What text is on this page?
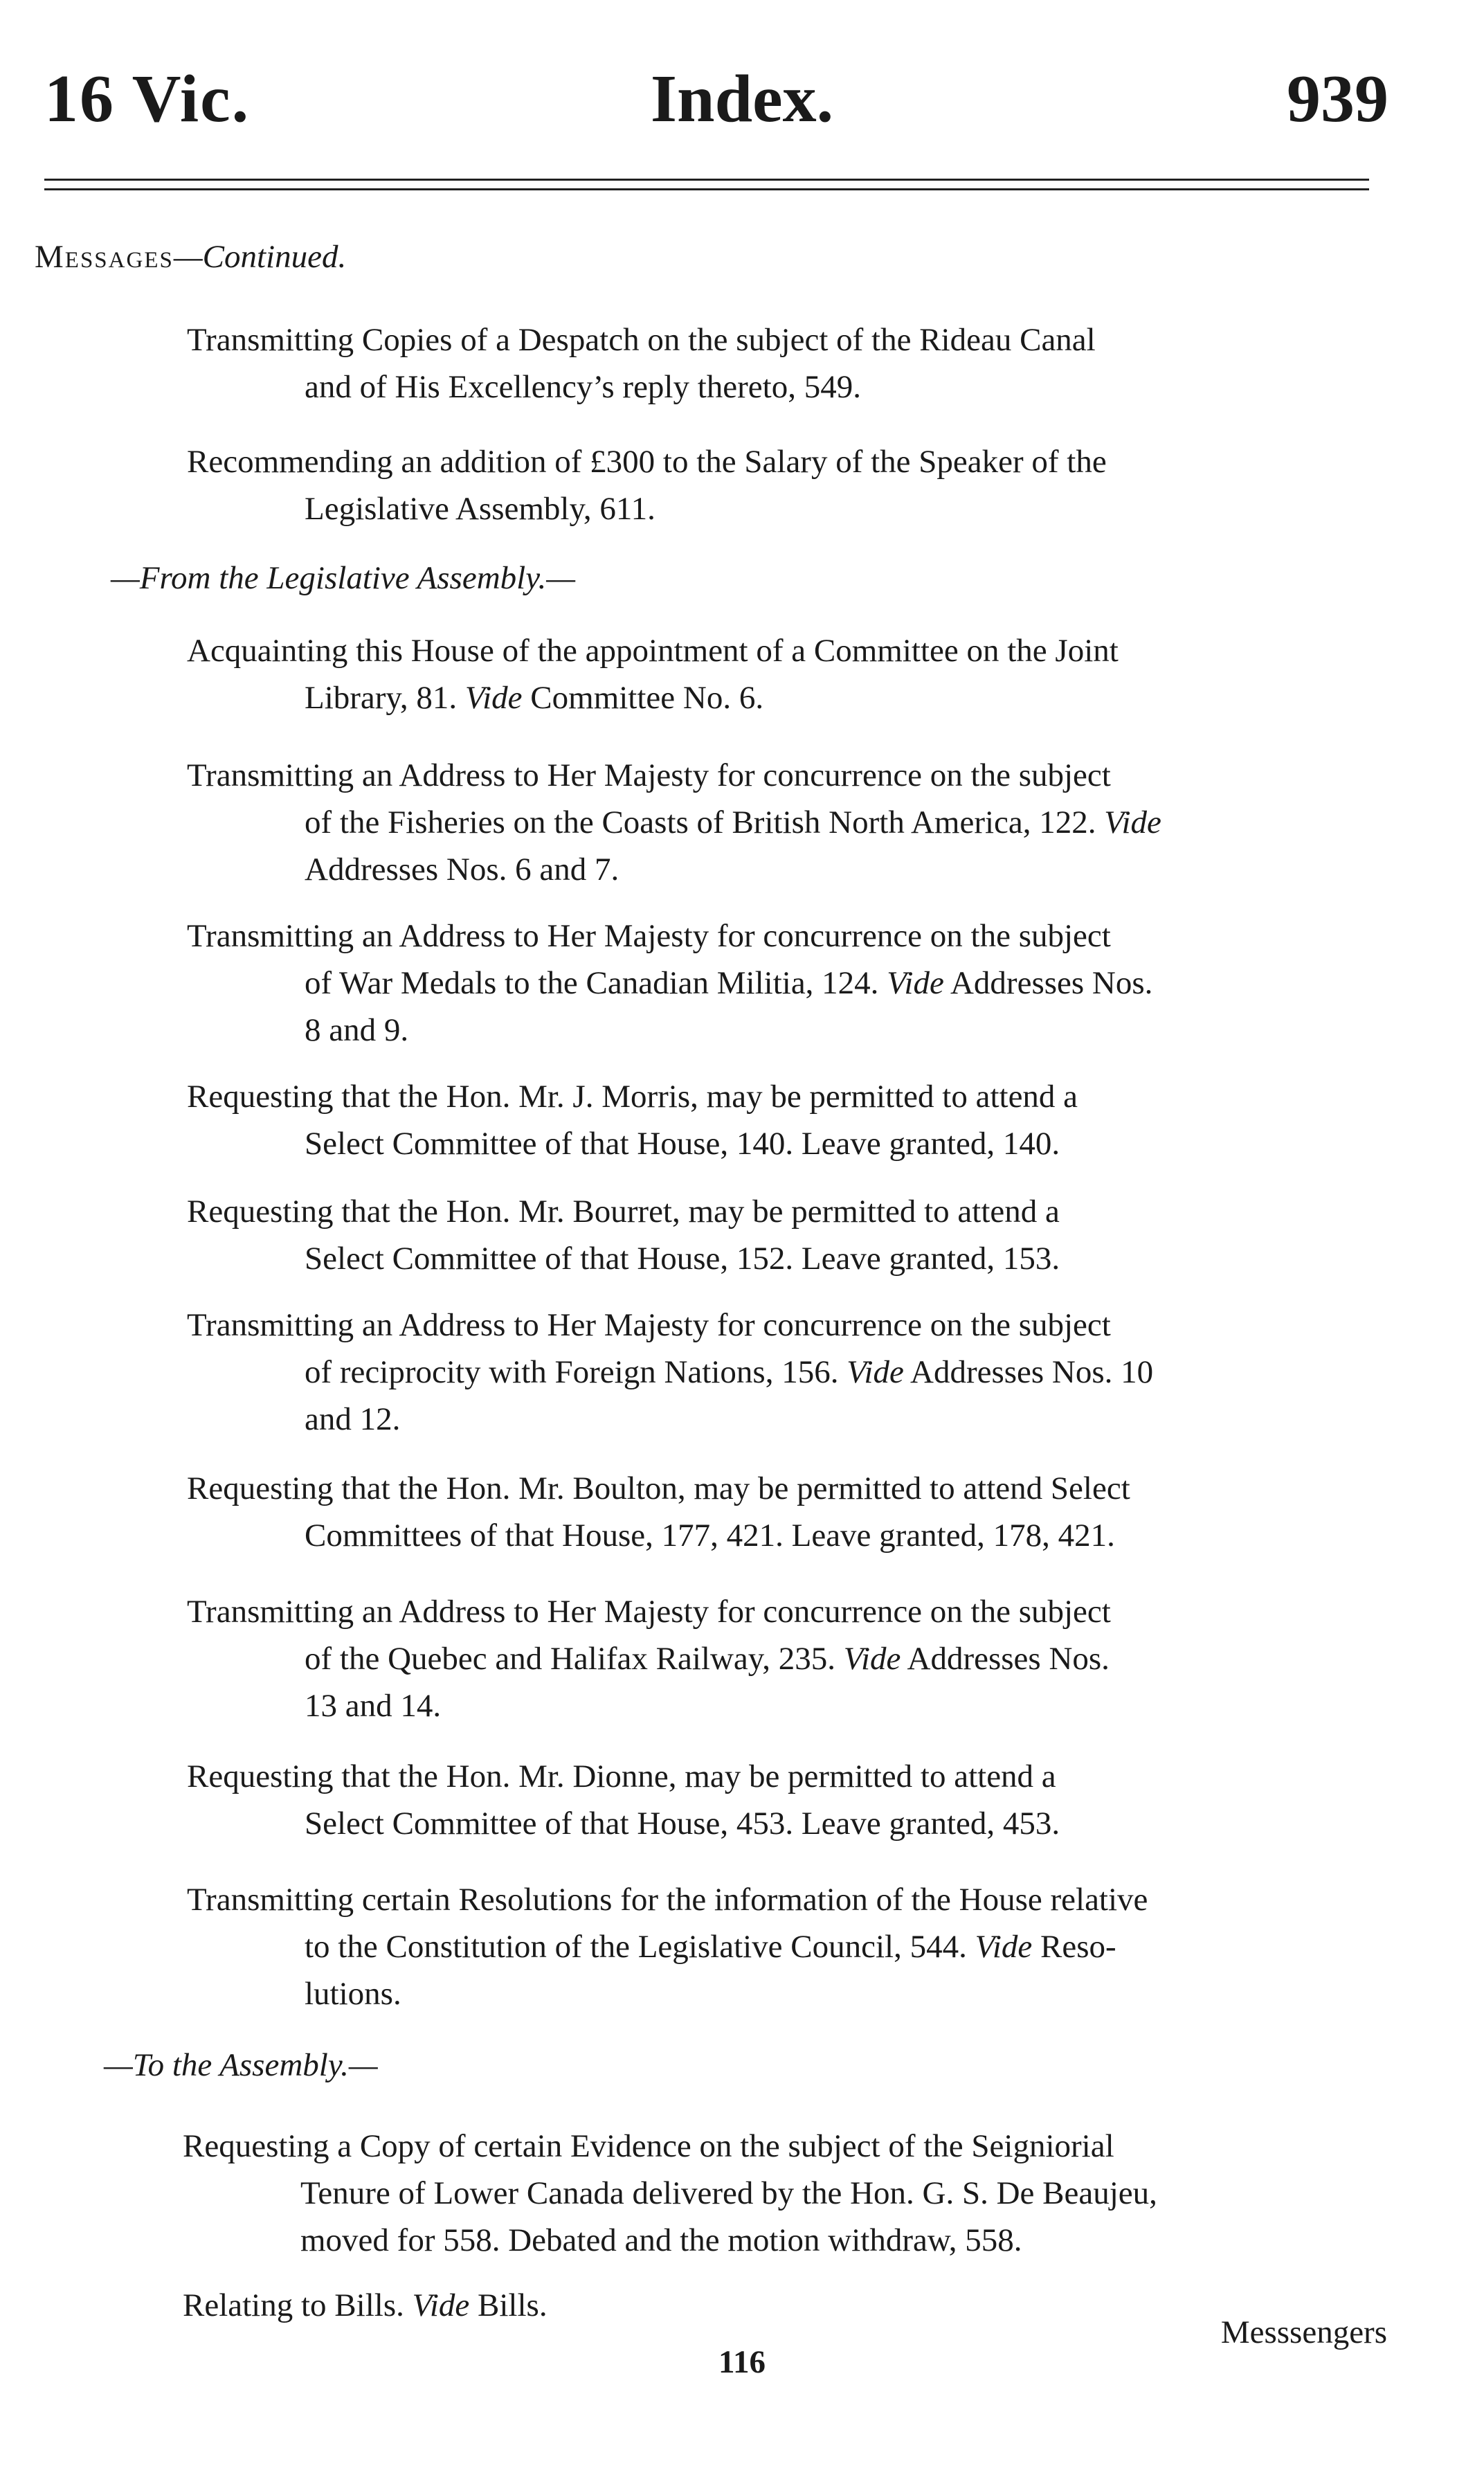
16 Vic.	Index.	939
Messages—Continued.
Transmitting Copies of a Despatch on the subject of the Rideau Canal
and of His Excellency’s reply thereto, 549.
Recommending an addition of £300 to the Salary of the Speaker of the
Legislative Assembly, 611.
—From the Legislative Assembly.—
Acquainting this House of the appointment of a Committee on the Joint
Library, 81. Vide Committee No. 6.
Transmitting an Address to Her Majesty for concurrence on the subject
of the Fisheries on the Coasts of British North America, 122. Vide
Addresses Nos. 6 and 7.
Transmitting an Address to Her Majesty for concurrence on the subject
of War Medals to the Canadian Militia, 124. Vide Addresses Nos.
8 and 9.
Requesting that the Hon. Mr. J. Morris, may be permitted to attend a
Select Committee of that House, 140. Leave granted, 140.
Requesting that the Hon. Mr. Bourret, may be permitted to attend a
Select Committee of that House, 152. Leave granted, 153.
Transmitting an Address to Her Majesty for concurrence on the subject
of reciprocity with Foreign Nations, 156. Vide Addresses Nos. 10
and 12.
Requesting that the Hon. Mr. Boulton, may be permitted to attend Select
Committees of that House, 177, 421. Leave granted, 178, 421.
Transmitting an Address to Her Majesty for concurrence on the subject
of the Quebec and Halifax Railway, 235. Vide Addresses Nos.
13 and 14.
Requesting that the Hon. Mr. Dionne, may be permitted to attend a
Select Committee of that House, 453. Leave granted, 453.
Transmitting certain Resolutions for the information of the House relative
to the Constitution of the Legislative Council, 544. Vide Reso-
lutions.
—To the Assembly.—
Requesting a Copy of certain Evidence on the subject of the Seigniorial
Tenure of Lower Canada delivered by the Hon. G. S. De Beaujeu,
moved for 558. Debated and the motion withdraw, 558.
Relating to Bills. Vide Bills.
Messsengers
116
